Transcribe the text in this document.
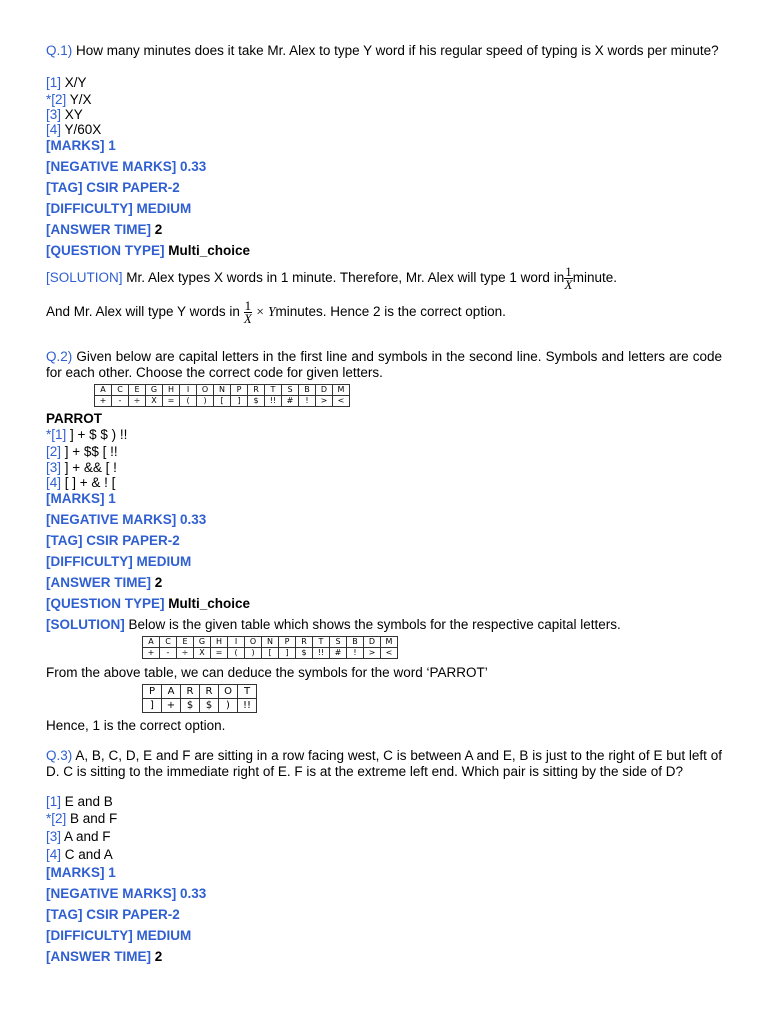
Q.1) How many minutes does it take Mr. Alex to type Y word if his regular speed of typing is X words per minute?
[1] X/Y
*[2] Y/X
[3] XY
[4] Y/60X
[MARKS] 1
[NEGATIVE MARKS] 0.33
[TAG] CSIR PAPER-2
[DIFFICULTY] MEDIUM
[ANSWER TIME] 2
[QUESTION TYPE] Multi_choice
[SOLUTION] Mr. Alex types X words in 1 minute. Therefore, Mr. Alex will type 1 word in $\frac{1}{X}$ minute.
And Mr. Alex will type Y words in $\frac{1}{X}$ × Yminutes. Hence 2 is the correct option.
Q.2) Given below are capital letters in the first line and symbols in the second line. Symbols and letters are code for each other. Choose the correct code for given letters.
A	C	E	G	H	I	O	N	P	R	T	S	B	D	M
+	-	÷	X	=	(	)	[	]	$	!!	#	!	>	<
PARROT
*[1] ] + $ $ ) !!
[2] ] + $$ [ !!
[3] ] + && [ !
[4] [ ] + & ! [
[MARKS] 1
[NEGATIVE MARKS] 0.33
[TAG] CSIR PAPER-2
[DIFFICULTY] MEDIUM
[ANSWER TIME] 2
[QUESTION TYPE] Multi_choice
[SOLUTION] Below is the given table which shows the symbols for the respective capital letters.
A	C	E	G	H	I	O	N	P	R	T	S	B	D	M
+	-	÷	X	=	(	)	[	]	$	!!	#	!	>	<
From the above table, we can deduce the symbols for the word ‘PARROT’
P	A	R	R	O	T
]	+	$	$	)	!!
Hence, 1 is the correct option.
Q.3) A, B, C, D, E and F are sitting in a row facing west, C is between A and E, B is just to the right of E but left of D. C is sitting to the immediate right of E. F is at the extreme left end. Which pair is sitting by the side of D?
[1] E and B
*[2] B and F
[3] A and F
[4] C and A
[MARKS] 1
[NEGATIVE MARKS] 0.33
[TAG] CSIR PAPER-2
[DIFFICULTY] MEDIUM
[ANSWER TIME] 2
